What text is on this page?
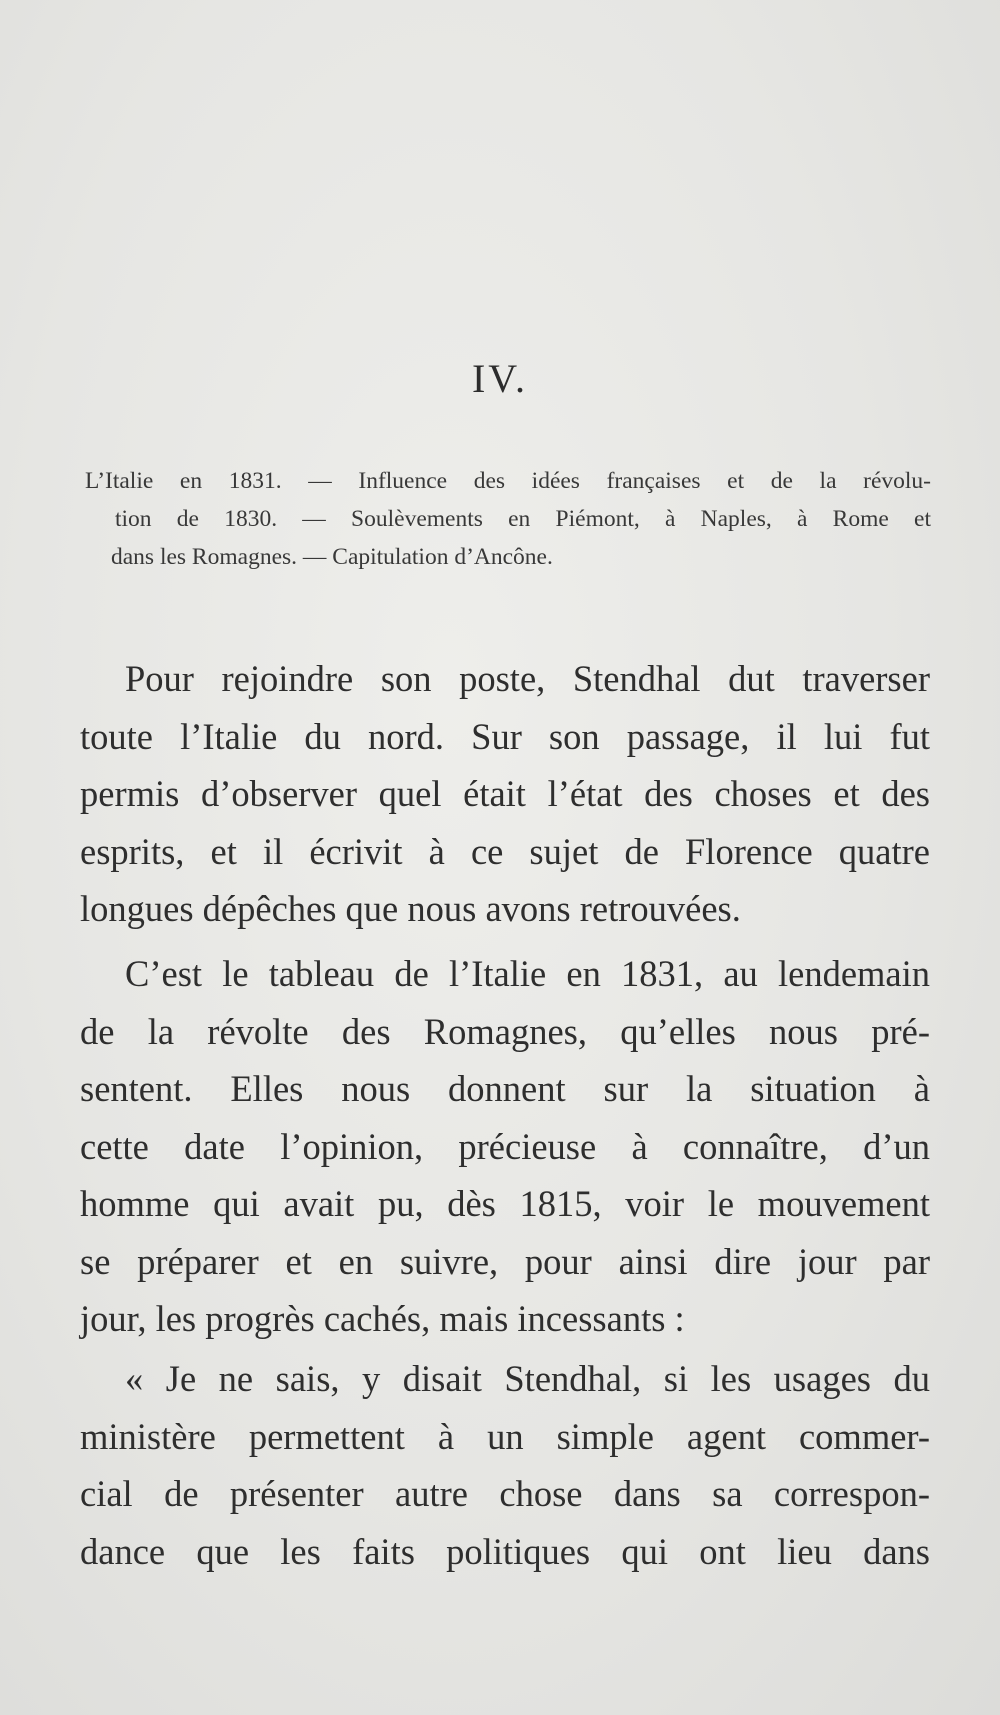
IV.
L’Italie en 1831. — Influence des idées françaises et de la révolu-
tion de 1830. — Soulèvements en Piémont, à Naples, à Rome et
dans les Romagnes. — Capitulation d’Ancône.
Pour rejoindre son poste, Stendhal dut traverser
toute l’Italie du nord. Sur son passage, il lui fut
permis d’observer quel était l’état des choses et des
esprits, et il écrivit à ce sujet de Florence quatre
longues dépêches que nous avons retrouvées.
C’est le tableau de l’Italie en 1831, au lendemain
de la révolte des Romagnes, qu’elles nous pré-
sentent. Elles nous donnent sur la situation à
cette date l’opinion, précieuse à connaître, d’un
homme qui avait pu, dès 1815, voir le mouvement
se préparer et en suivre, pour ainsi dire jour par
jour, les progrès cachés, mais incessants :
« Je ne sais, y disait Stendhal, si les usages du
ministère permettent à un simple agent commer-
cial de présenter autre chose dans sa correspon-
dance que les faits politiques qui ont lieu dans
